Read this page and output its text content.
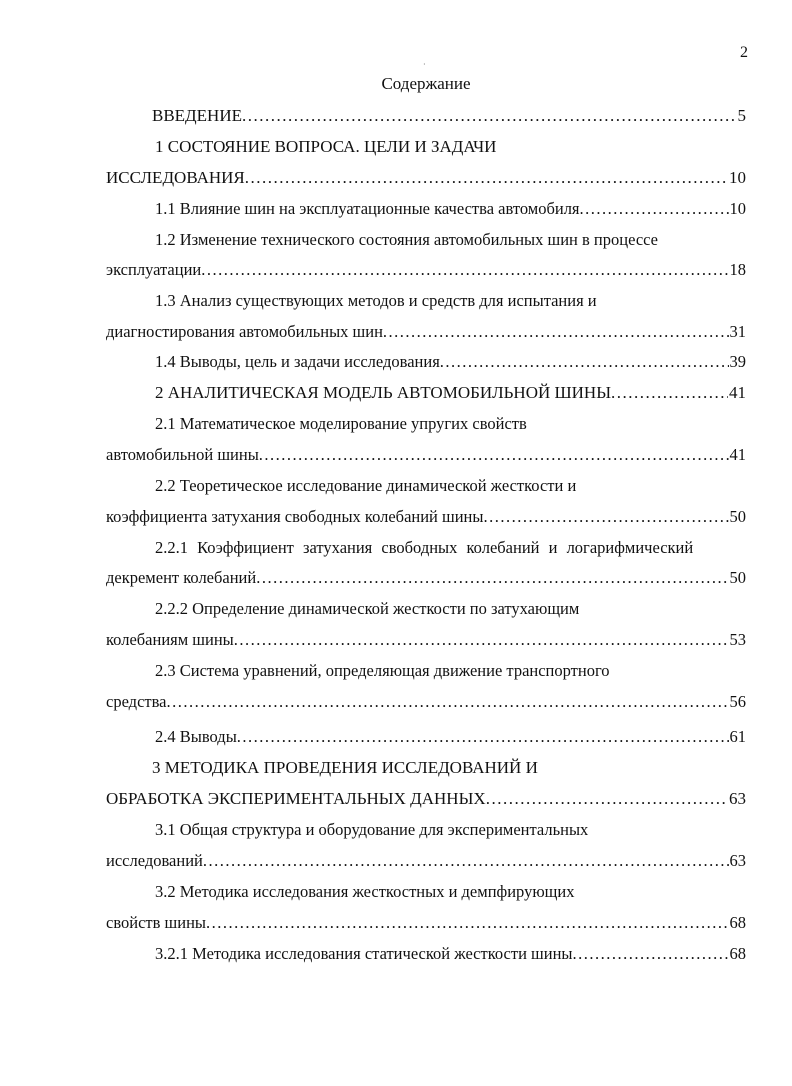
2
·
Содержание
ВВЕДЕНИЕ .....	5
1 СОСТОЯНИЕ ВОПРОСА. ЦЕЛИ И ЗАДАЧИ
ИССЛЕДОВАНИЯ .....	10
1.1 Влияние шин на эксплуатационные качества автомобиля .....	10
1.2 Изменение технического состояния автомобильных шин в процессе
эксплуатации .....	18
1.3 Анализ существующих методов и средств для испытания и
диагностирования автомобильных шин .....	31
1.4 Выводы, цель и задачи исследования .....	39
2 АНАЛИТИЧЕСКАЯ МОДЕЛЬ АВТОМОБИЛЬНОЙ ШИНЫ .....	41
2.1 Математическое моделирование упругих свойств
автомобильной шины .....	41
2.2 Теоретическое исследование динамической жесткости и
коэффициента затухания свободных колебаний шины .....	50
2.2.1 Коэффициент затухания свободных колебаний и логарифмический
декремент колебаний .....	50
2.2.2 Определение динамической жесткости по затухающим
колебаниям шины .....	53
2.3 Система уравнений, определяющая движение транспортного
средства .....	56
2.4 Выводы .....	61
3 МЕТОДИКА ПРОВЕДЕНИЯ ИССЛЕДОВАНИЙ И
ОБРАБОТКА ЭКСПЕРИМЕНТАЛЬНЫХ ДАННЫХ .....	63
3.1 Общая структура и оборудование для экспериментальных
исследований .....	63
3.2 Методика исследования жесткостных и демпфирующих
свойств шины .....	68
3.2.1 Методика исследования статической жесткости шины .....	68
